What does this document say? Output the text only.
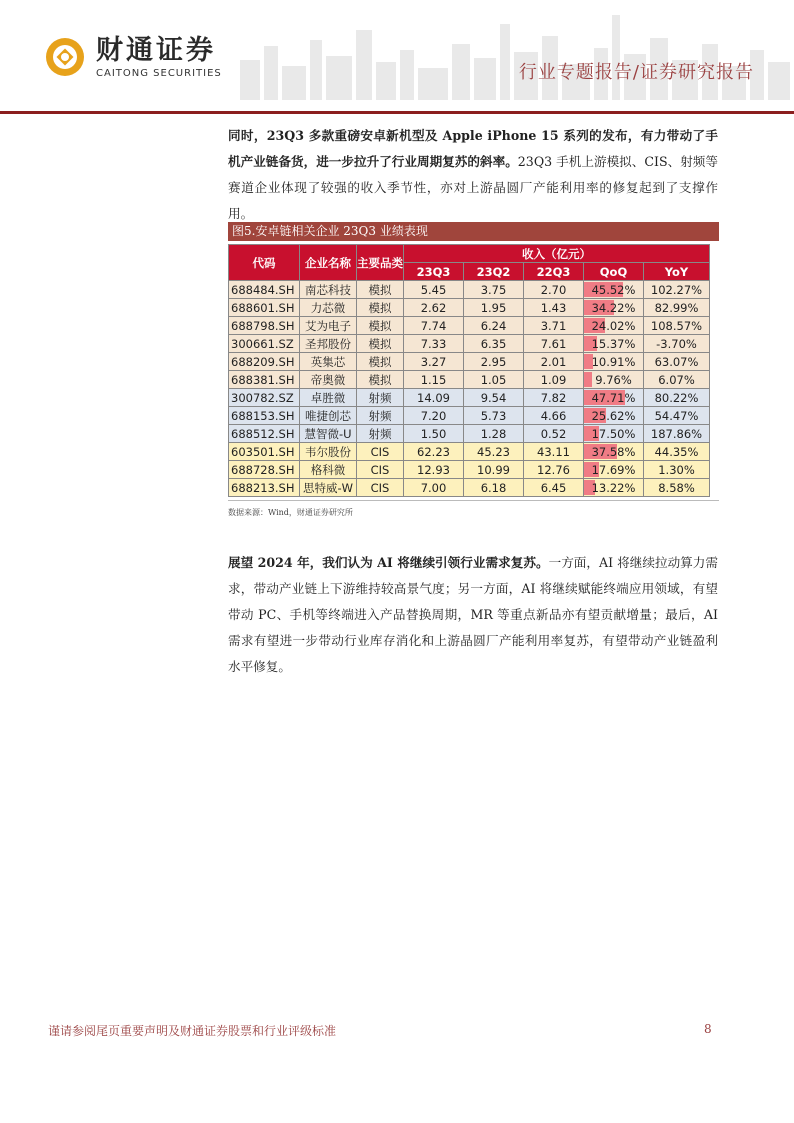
财通证券
CAITONG SECURITIES	行业专题报告/证券研究报告
同时，23Q3 多款重磅安卓新机型及 Apple iPhone 15 系列的发布，有力带动了手机产业链备货，进一步拉升了行业周期复苏的斜率。23Q3 手机上游模拟、CIS、射频等赛道企业体现了较强的收入季节性，亦对上游晶圆厂产能利用率的修复起到了支撑作用。
图5.安卓链相关企业 23Q3 业绩表现
代码	企业名称	主要品类	收入（亿元）				
			23Q3	23Q2	22Q3	QoQ	YoY
688484.SH	南芯科技	模拟	5.45	3.75	2.70	45.52%	102.27%
688601.SH	力芯微	模拟	2.62	1.95	1.43	34.22%	82.99%
688798.SH	艾为电子	模拟	7.74	6.24	3.71	24.02%	108.57%
300661.SZ	圣邦股份	模拟	7.33	6.35	7.61	15.37%	-3.70%
688209.SH	英集芯	模拟	3.27	2.95	2.01	10.91%	63.07%
688381.SH	帝奥微	模拟	1.15	1.05	1.09	9.76%	6.07%
300782.SZ	卓胜微	射频	14.09	9.54	7.82	47.71%	80.22%
688153.SH	唯捷创芯	射频	7.20	5.73	4.66	25.62%	54.47%
688512.SH	慧智微-U	射频	1.50	1.28	0.52	17.50%	187.86%
603501.SH	韦尔股份	CIS	62.23	45.23	43.11	37.58%	44.35%
688728.SH	格科微	CIS	12.93	10.99	12.76	17.69%	1.30%
688213.SH	思特威-W	CIS	7.00	6.18	6.45	13.22%	8.58%
数据来源：Wind，财通证券研究所
展望 2024 年，我们认为 AI 将继续引领行业需求复苏。一方面，AI 将继续拉动算力需求，带动产业链上下游维持较高景气度；另一方面，AI 将继续赋能终端应用领域，有望带动 PC、手机等终端进入产品替换周期，MR 等重点新品亦有望贡献增量；最后，AI 需求有望进一步带动行业库存消化和上游晶圆厂产能利用率复苏，有望带动产业链盈利水平修复。
谨请参阅尾页重要声明及财通证券股票和行业评级标准	8
